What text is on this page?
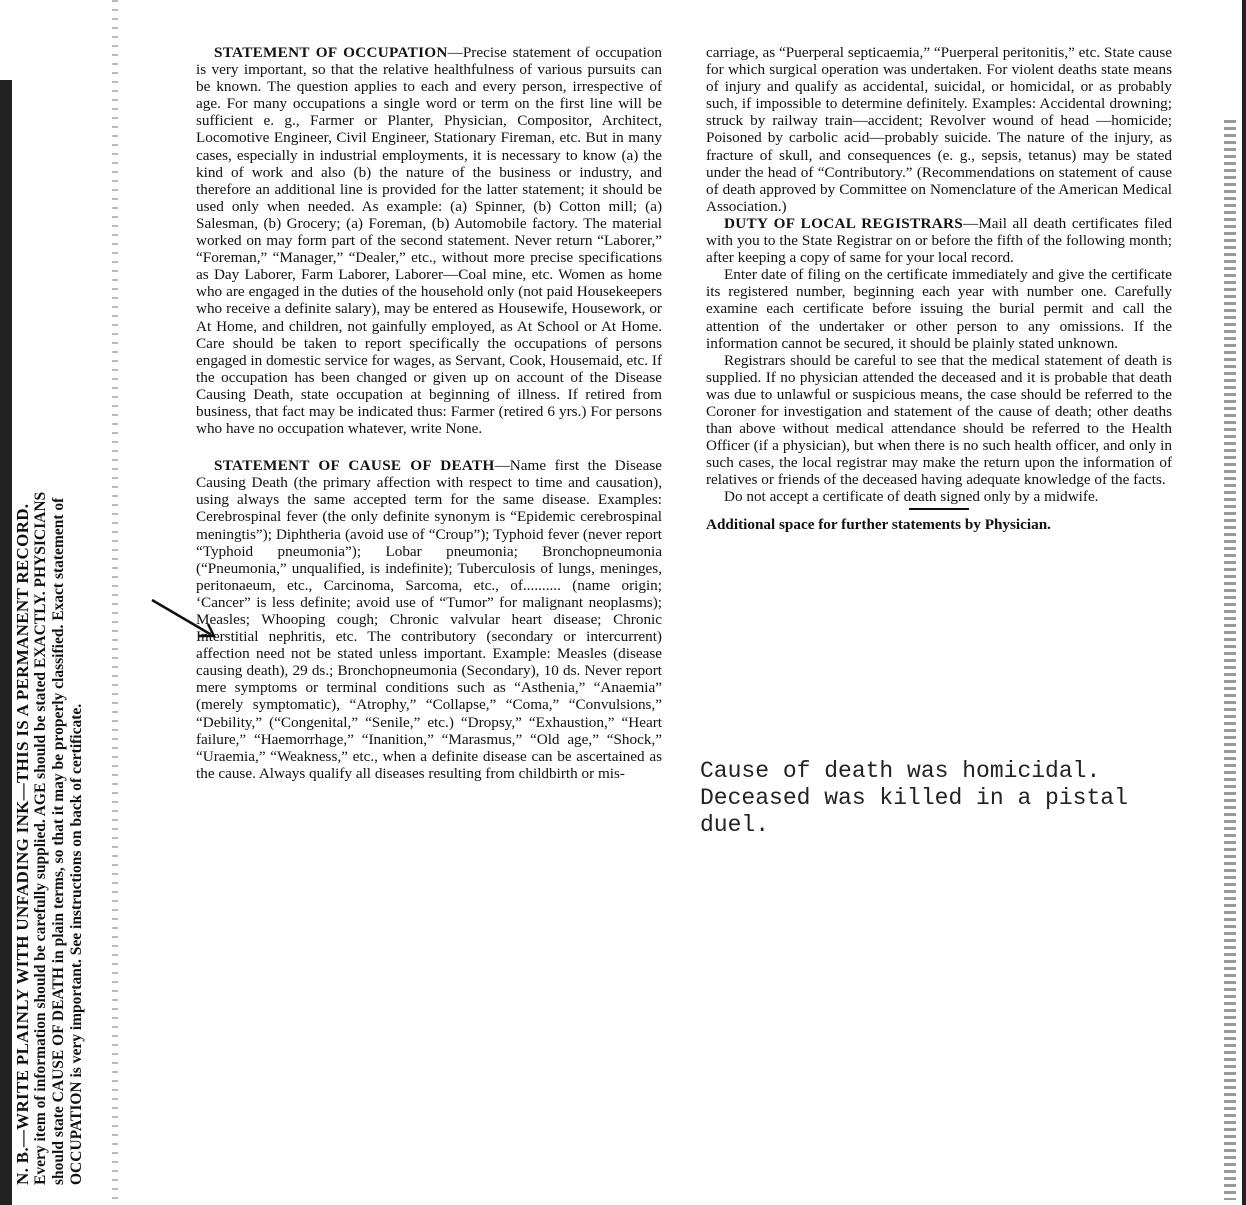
N. B.—WRITE PLAINLY WITH UNFADING INK—THIS IS A PERMANENT RECORD. Every item of information should be carefully supplied. AGE should be stated EXACTLY. PHYSICIANS should state CAUSE OF DEATH in plain terms, so that it may be properly classified. Exact statement of OCCUPATION is very important. See instructions on back of certificate.

STATEMENT OF OCCUPATION—Precise statement of occupation is very important, so that the relative healthfulness of various pursuits can be known. The question applies to each and every person, irrespective of age. For many occupations a single word or term on the first line will be sufficient e. g., Farmer or Planter, Physician, Compositor, Architect, Locomotive Engineer, Civil Engineer, Stationary Fireman, etc. But in many cases, especially in industrial employments, it is necessary to know (a) the kind of work and also (b) the nature of the business or industry, and therefore an additional line is provided for the latter statement; it should be used only when needed. As example: (a) Spinner, (b) Cotton mill; (a) Salesman, (b) Grocery; (a) Foreman, (b) Automobile factory. The material worked on may form part of the second statement. Never return “Laborer,” “Foreman,” “Manager,” “Dealer,” etc., without more precise specifications as Day Laborer, Farm Laborer, Laborer—Coal mine, etc. Women as home who are engaged in the duties of the household only (not paid Housekeepers who receive a definite salary), may be entered as Housewife, Housework, or At Home, and children, not gainfully employed, as At School or At Home. Care should be taken to report specifically the occupations of persons engaged in domestic service for wages, as Servant, Cook, Housemaid, etc. If the occupation has been changed or given up on account of the Disease Causing Death, state occupation at beginning of illness. If retired from business, that fact may be indicated thus: Farmer (retired 6 yrs.) For persons who have no occupation whatever, write None.

STATEMENT OF CAUSE OF DEATH—Name first the Disease Causing Death (the primary affection with respect to time and causation), using always the same accepted term for the same disease. Examples: Cerebrospinal fever (the only definite synonym is “Epidemic cerebrospinal meningtis”); Diphtheria (avoid use of “Croup”); Typhoid fever (never report “Typhoid pneumonia”); Lobar pneumonia; Bronchopneumonia (“Pneumonia,” unqualified, is indefinite); Tuberculosis of lungs, meninges, peritonaeum, etc., Carcinoma, Sarcoma, etc., of.......... (name origin; ‘Cancer” is less definite; avoid use of “Tumor” for malignant neoplasms); Measles; Whooping cough; Chronic valvular heart disease; Chronic Interstitial nephritis, etc. The contributory (secondary or intercurrent) affection need not be stated unless important. Example: Measles (disease causing death), 29 ds.; Bronchopneumonia (Secondary), 10 ds. Never report mere symptoms or terminal conditions such as “Asthenia,” “Anaemia” (merely symptomatic), “Atrophy,” “Collapse,” “Coma,” “Convulsions,” “Debility,” (“Congenital,” “Senile,” etc.) “Dropsy,” “Exhaustion,” “Heart failure,” “Haemorrhage,” “Inanition,” “Marasmus,” “Old age,” “Shock,” “Uraemia,” “Weakness,” etc., when a definite disease can be ascertained as the cause. Always qualify all diseases resulting from childbirth or mis-

carriage, as “Puerperal septicaemia,” “Puerperal peritonitis,” etc. State cause for which surgical operation was undertaken. For violent deaths state means of injury and qualify as accidental, suicidal, or homicidal, or as probably such, if impossible to determine definitely. Examples: Accidental drowning; struck by railway train—accident; Revolver wound of head —homicide; Poisoned by carbolic acid—probably suicide. The nature of the injury, as fracture of skull, and consequences (e. g., sepsis, tetanus) may be stated under the head of “Contributory.” (Recommendations on statement of cause of death approved by Committee on Nomenclature of the American Medical Association.)

DUTY OF LOCAL REGISTRARS—Mail all death certificates filed with you to the State Registrar on or before the fifth of the following month; after keeping a copy of same for your local record.

Enter date of filing on the certificate immediately and give the certificate its registered number, beginning each year with number one. Carefully examine each certificate before issuing the burial permit and call the attention of the undertaker or other person to any omissions. If the information cannot be secured, it should be plainly stated unknown.

Registrars should be careful to see that the medical statement of death is supplied. If no physician attended the deceased and it is probable that death was due to unlawful or suspicious means, the case should be referred to the Coroner for investigation and statement of the cause of death; other deaths than above without medical attendance should be referred to the Health Officer (if a physician), but when there is no such health officer, and only in such cases, the local registrar may make the return upon the information of relatives or friends of the deceased having adequate knowledge of the facts.

Do not accept a certificate of death signed only by a midwife.

Additional space for further statements by Physician.

Cause of death was homicidal.
Deceased was killed in a pistal
duel.
